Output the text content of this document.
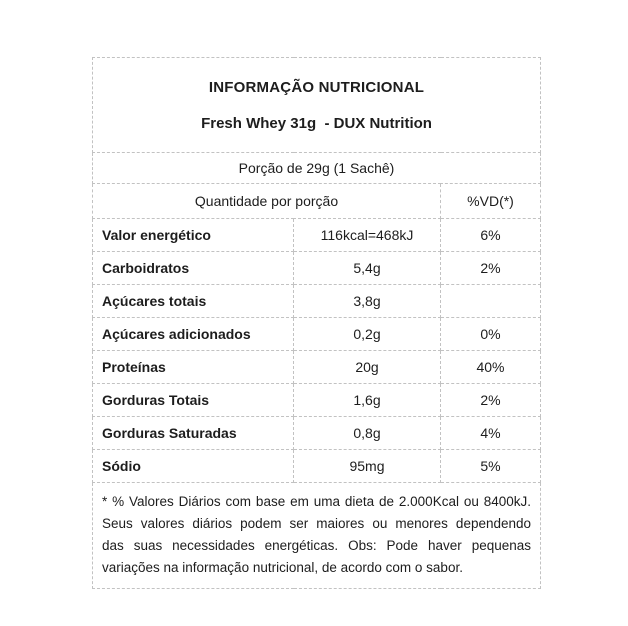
INFORMAÇÃO NUTRICIONAL
Fresh Whey 31g  - DUX Nutrition		

Porção de 29g (1 Sachê)		
Quantidade por porção		%VD(*)
Valor energético	116kcal=468kJ	6%
Carboidratos	5,4g	2%
Açúcares totais	3,8g	
Açúcares adicionados	0,2g	0%
Proteínas	20g	40%
Gorduras Totais	1,6g	2%
Gorduras Saturadas	0,8g	4%
Sódio	95mg	5%

* % Valores Diários com base em uma dieta de 2.000Kcal ou 8400kJ.
Seus valores diários podem ser maiores ou menores dependendo
das suas necessidades energéticas. Obs: Pode haver pequenas
variações na informação nutricional, de acordo com o sabor.		
